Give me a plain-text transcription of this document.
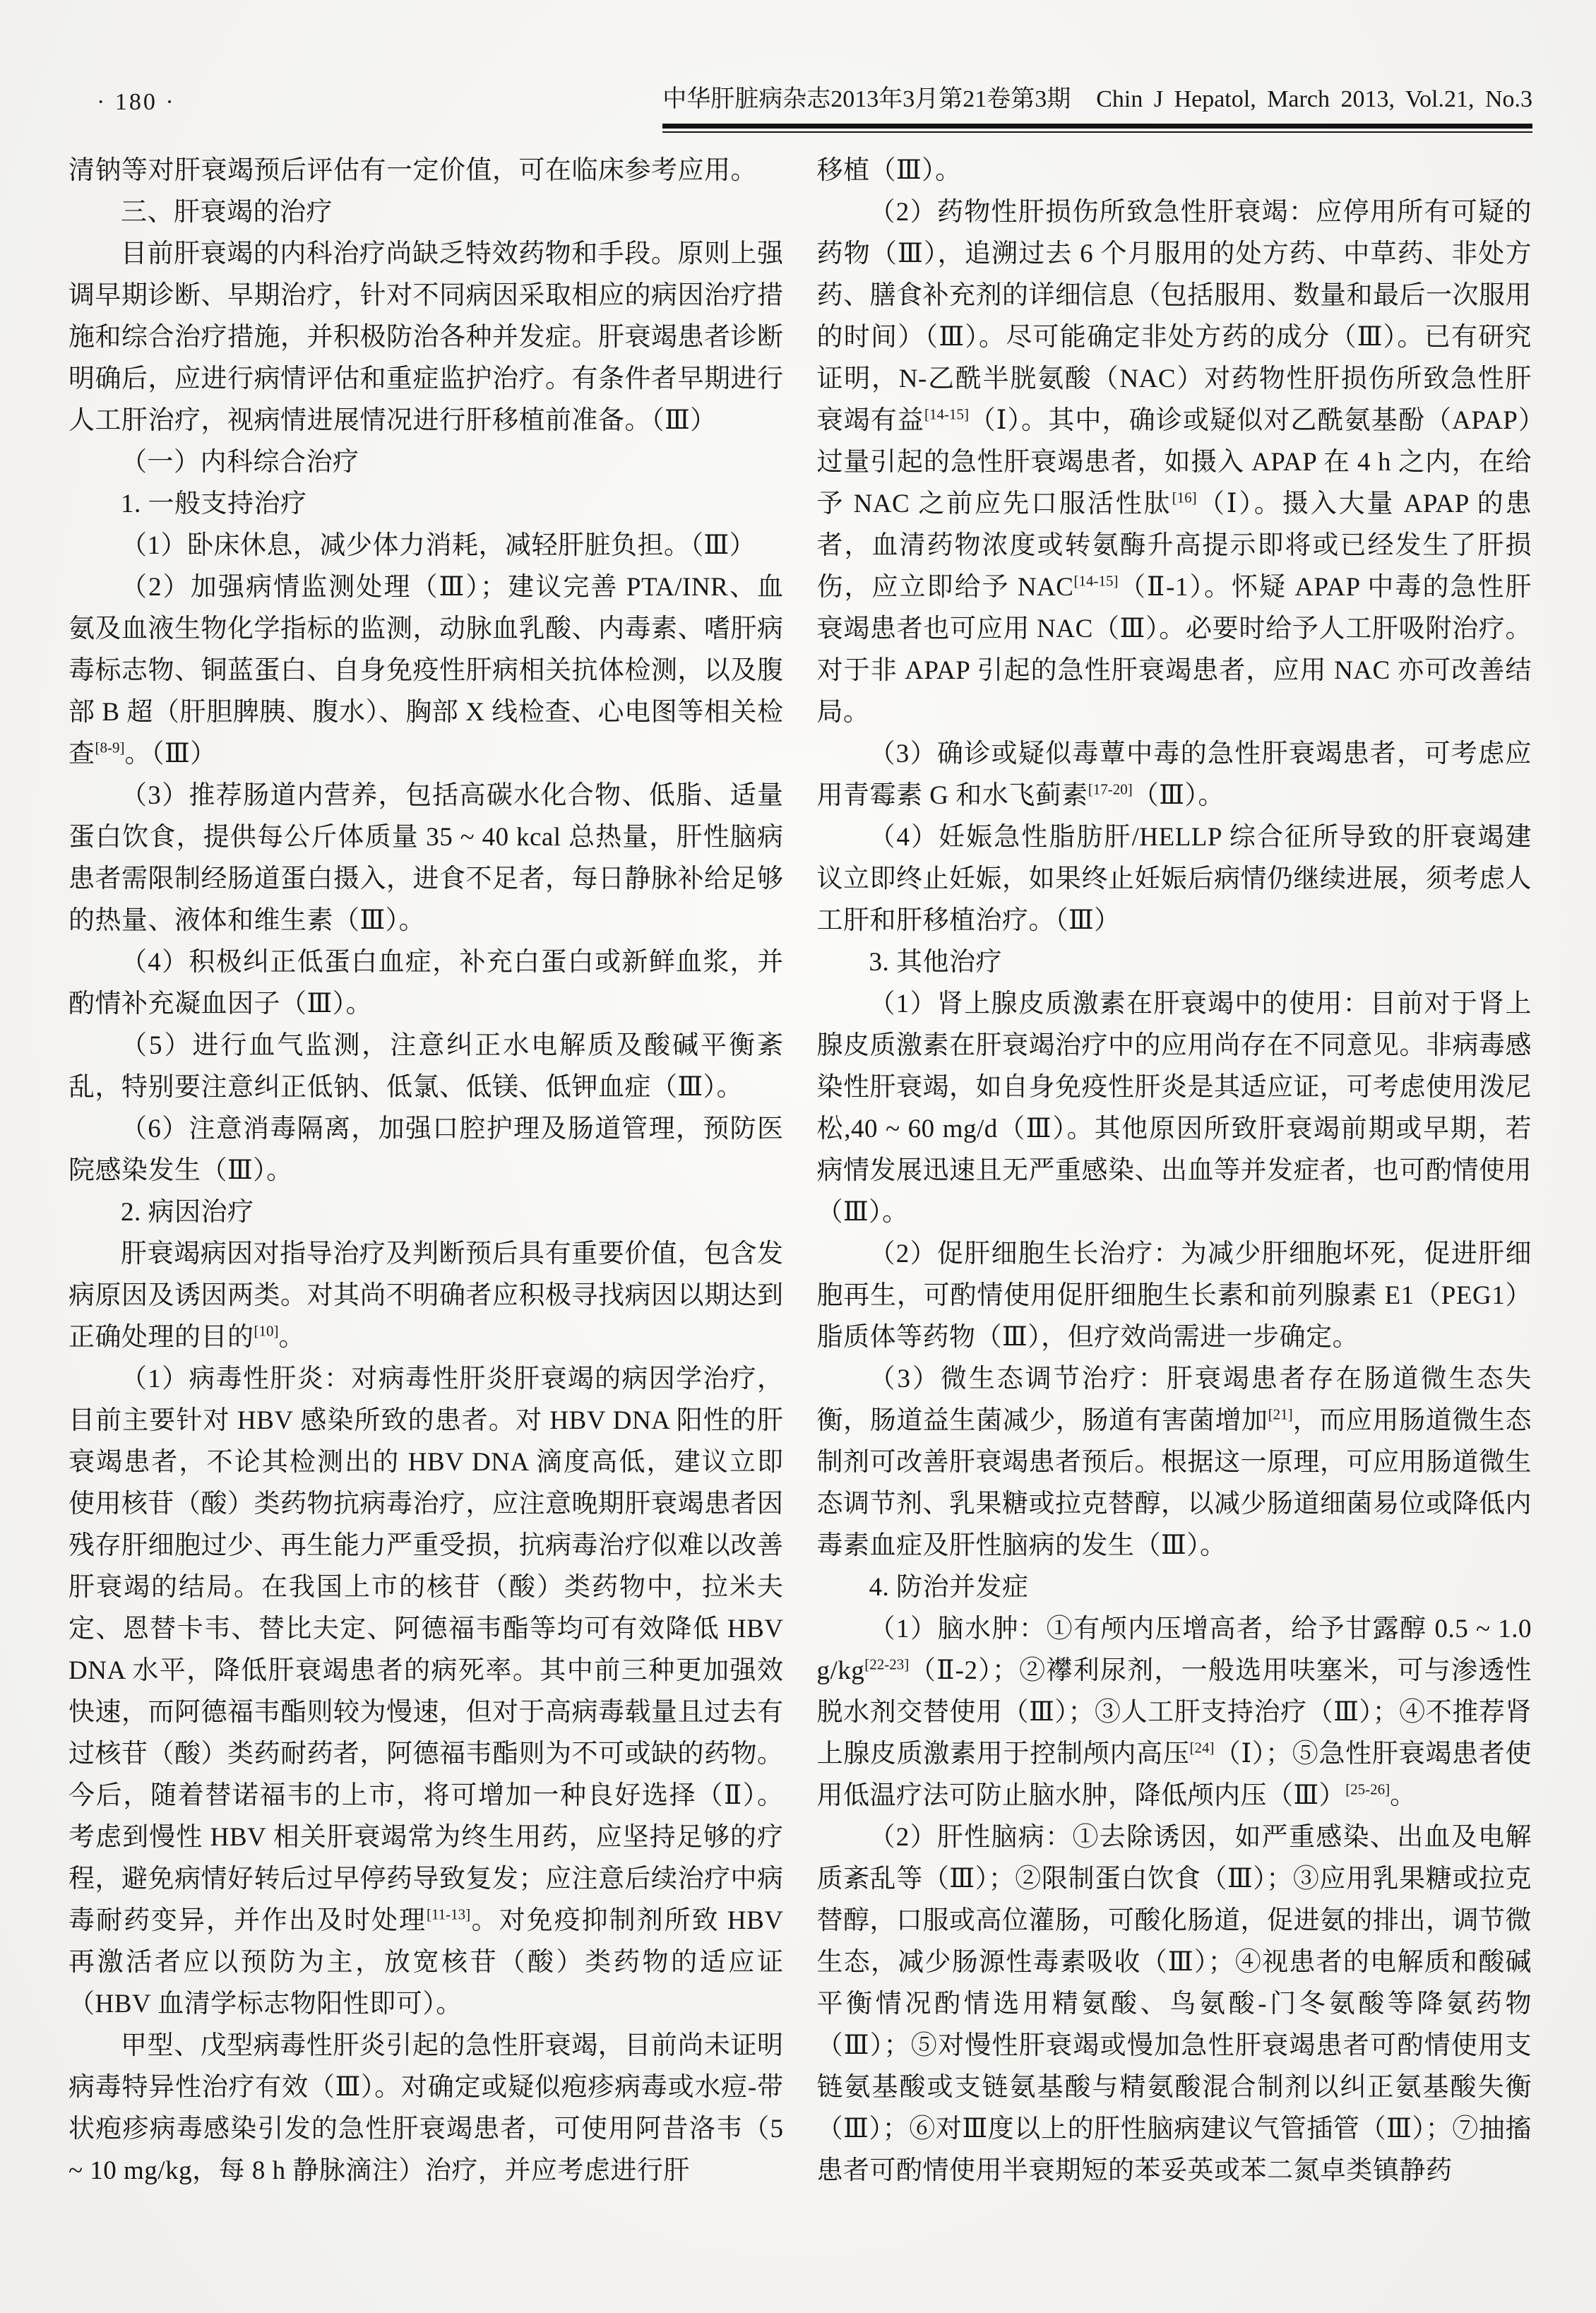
· 180 ·	中华肝脏病杂志2013年3月第21卷第3期 Chin J Hepatol, March 2013, Vol.21, No.3

清钠等对肝衰竭预后评估有一定价值，可在临床参考应用。

三、肝衰竭的治疗

目前肝衰竭的内科治疗尚缺乏特效药物和手段。原则上强调早期诊断、早期治疗，针对不同病因采取相应的病因治疗措施和综合治疗措施，并积极防治各种并发症。肝衰竭患者诊断明确后，应进行病情评估和重症监护治疗。有条件者早期进行人工肝治疗，视病情进展情况进行肝移植前准备。（Ⅲ）

（一）内科综合治疗

1. 一般支持治疗

（1）卧床休息，减少体力消耗，减轻肝脏负担。（Ⅲ）

（2）加强病情监测处理（Ⅲ）；建议完善 PTA/INR、血氨及血液生物化学指标的监测，动脉血乳酸、内毒素、嗜肝病毒标志物、铜蓝蛋白、自身免疫性肝病相关抗体检测，以及腹部 B 超（肝胆脾胰、腹水）、胸部 X 线检查、心电图等相关检查[8-9]。（Ⅲ）

（3）推荐肠道内营养，包括高碳水化合物、低脂、适量蛋白饮食，提供每公斤体质量 35 ~ 40 kcal 总热量，肝性脑病患者需限制经肠道蛋白摄入，进食不足者，每日静脉补给足够的热量、液体和维生素（Ⅲ）。

（4）积极纠正低蛋白血症，补充白蛋白或新鲜血浆，并酌情补充凝血因子（Ⅲ）。

（5）进行血气监测，注意纠正水电解质及酸碱平衡紊乱，特别要注意纠正低钠、低氯、低镁、低钾血症（Ⅲ）。

（6）注意消毒隔离，加强口腔护理及肠道管理，预防医院感染发生（Ⅲ）。

2. 病因治疗

肝衰竭病因对指导治疗及判断预后具有重要价值，包含发病原因及诱因两类。对其尚不明确者应积极寻找病因以期达到正确处理的目的[10]。

（1）病毒性肝炎：对病毒性肝炎肝衰竭的病因学治疗，目前主要针对 HBV 感染所致的患者。对 HBV DNA 阳性的肝衰竭患者，不论其检测出的 HBV DNA 滴度高低，建议立即使用核苷（酸）类药物抗病毒治疗，应注意晚期肝衰竭患者因残存肝细胞过少、再生能力严重受损，抗病毒治疗似难以改善肝衰竭的结局。在我国上市的核苷（酸）类药物中，拉米夫定、恩替卡韦、替比夫定、阿德福韦酯等均可有效降低 HBV DNA 水平，降低肝衰竭患者的病死率。其中前三种更加强效快速，而阿德福韦酯则较为慢速，但对于高病毒载量且过去有过核苷（酸）类药耐药者，阿德福韦酯则为不可或缺的药物。今后，随着替诺福韦的上市，将可增加一种良好选择（Ⅱ）。考虑到慢性 HBV 相关肝衰竭常为终生用药，应坚持足够的疗程，避免病情好转后过早停药导致复发；应注意后续治疗中病毒耐药变异，并作出及时处理[11-13]。对免疫抑制剂所致 HBV 再激活者应以预防为主，放宽核苷（酸）类药物的适应证（HBV 血清学标志物阳性即可）。

甲型、戊型病毒性肝炎引起的急性肝衰竭，目前尚未证明病毒特异性治疗有效（Ⅲ）。对确定或疑似疱疹病毒或水痘-带状疱疹病毒感染引发的急性肝衰竭患者，可使用阿昔洛韦（5 ~ 10 mg/kg，每 8 h 静脉滴注）治疗，并应考虑进行肝

移植（Ⅲ）。

（2）药物性肝损伤所致急性肝衰竭：应停用所有可疑的药物（Ⅲ），追溯过去 6 个月服用的处方药、中草药、非处方药、膳食补充剂的详细信息（包括服用、数量和最后一次服用的时间）（Ⅲ）。尽可能确定非处方药的成分（Ⅲ）。已有研究证明，N-乙酰半胱氨酸（NAC）对药物性肝损伤所致急性肝衰竭有益[14-15]（Ⅰ）。其中，确诊或疑似对乙酰氨基酚（APAP）过量引起的急性肝衰竭患者，如摄入 APAP 在 4 h 之内，在给予 NAC 之前应先口服活性肽[16]（Ⅰ）。摄入大量 APAP 的患者，血清药物浓度或转氨酶升高提示即将或已经发生了肝损伤，应立即给予 NAC[14-15]（Ⅱ-1）。怀疑 APAP 中毒的急性肝衰竭患者也可应用 NAC（Ⅲ）。必要时给予人工肝吸附治疗。对于非 APAP 引起的急性肝衰竭患者，应用 NAC 亦可改善结局。

（3）确诊或疑似毒蕈中毒的急性肝衰竭患者，可考虑应用青霉素 G 和水飞蓟素[17-20]（Ⅲ）。

（4）妊娠急性脂肪肝/HELLP 综合征所导致的肝衰竭建议立即终止妊娠，如果终止妊娠后病情仍继续进展，须考虑人工肝和肝移植治疗。（Ⅲ）

3. 其他治疗

（1）肾上腺皮质激素在肝衰竭中的使用：目前对于肾上腺皮质激素在肝衰竭治疗中的应用尚存在不同意见。非病毒感染性肝衰竭，如自身免疫性肝炎是其适应证，可考虑使用泼尼松,40 ~ 60 mg/d（Ⅲ）。其他原因所致肝衰竭前期或早期，若病情发展迅速且无严重感染、出血等并发症者，也可酌情使用（Ⅲ）。

（2）促肝细胞生长治疗：为减少肝细胞坏死，促进肝细胞再生，可酌情使用促肝细胞生长素和前列腺素 E1（PEG1）脂质体等药物（Ⅲ），但疗效尚需进一步确定。

（3）微生态调节治疗：肝衰竭患者存在肠道微生态失衡，肠道益生菌减少，肠道有害菌增加[21]，而应用肠道微生态制剂可改善肝衰竭患者预后。根据这一原理，可应用肠道微生态调节剂、乳果糖或拉克替醇，以减少肠道细菌易位或降低内毒素血症及肝性脑病的发生（Ⅲ）。

4. 防治并发症

（1）脑水肿：①有颅内压增高者，给予甘露醇 0.5 ~ 1.0 g/kg[22-23]（Ⅱ-2）；②襻利尿剂，一般选用呋塞米，可与渗透性脱水剂交替使用（Ⅲ）；③人工肝支持治疗（Ⅲ）；④不推荐肾上腺皮质激素用于控制颅内高压[24]（Ⅰ）；⑤急性肝衰竭患者使用低温疗法可防止脑水肿，降低颅内压（Ⅲ）[25-26]。

（2）肝性脑病：①去除诱因，如严重感染、出血及电解质紊乱等（Ⅲ）；②限制蛋白饮食（Ⅲ）；③应用乳果糖或拉克替醇，口服或高位灌肠，可酸化肠道，促进氨的排出，调节微生态，减少肠源性毒素吸收（Ⅲ）；④视患者的电解质和酸碱平衡情况酌情选用精氨酸、鸟氨酸-门冬氨酸等降氨药物（Ⅲ）；⑤对慢性肝衰竭或慢加急性肝衰竭患者可酌情使用支链氨基酸或支链氨基酸与精氨酸混合制剂以纠正氨基酸失衡（Ⅲ）；⑥对Ⅲ度以上的肝性脑病建议气管插管（Ⅲ）；⑦抽搐患者可酌情使用半衰期短的苯妥英或苯二氮卓类镇静药
